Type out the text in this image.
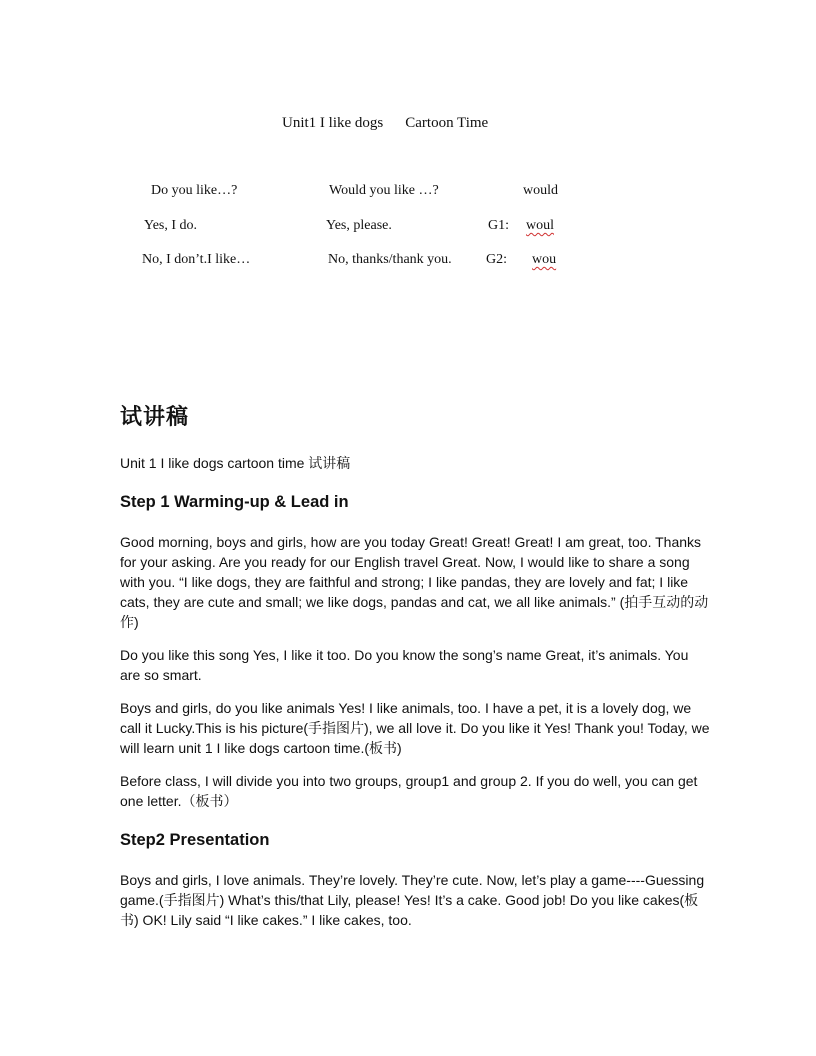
Unit1 I like dogs Cartoon Time
Do you like…?
Yes, I do.
No, I don’t.I like…
Would you like …?
Yes, please.
No, thanks/thank you.
would
G1: woul
G2: wou
试讲稿
Unit 1 I like dogs cartoon time 试讲稿
Step 1 Warming-up & Lead in

Good morning, boys and girls, how are you today Great! Great! Great! I am great, too. Thanks for your asking. Are you ready for our English travel Great. Now, I would like to share a song with you. “I like dogs, they are faithful and strong; I like pandas, they are lovely and fat; I like cats, they are cute and small; we like dogs, pandas and cat, we all like animals.” (拍手互动的动作)

Do you like this song Yes, I like it too. Do you know the song’s name Great, it’s animals. You are so smart.

Boys and girls, do you like animals Yes! I like animals, too. I have a pet, it is a lovely dog, we call it Lucky.This is his picture(手指图片), we all love it. Do you like it Yes! Thank you! Today, we will learn unit 1 I like dogs cartoon time.(板书)

Before class, I will divide you into two groups, group1 and group 2. If you do well, you can get one letter.（板书）

Step2 Presentation

Boys and girls, I love animals. They’re lovely. They’re cute. Now, let’s play a game----Guessing game.(手指图片) What’s this/that Lily, please! Yes! It’s a cake. Good job! Do you like cakes(板书) OK! Lily said “I like cakes.” I like cakes, too.
